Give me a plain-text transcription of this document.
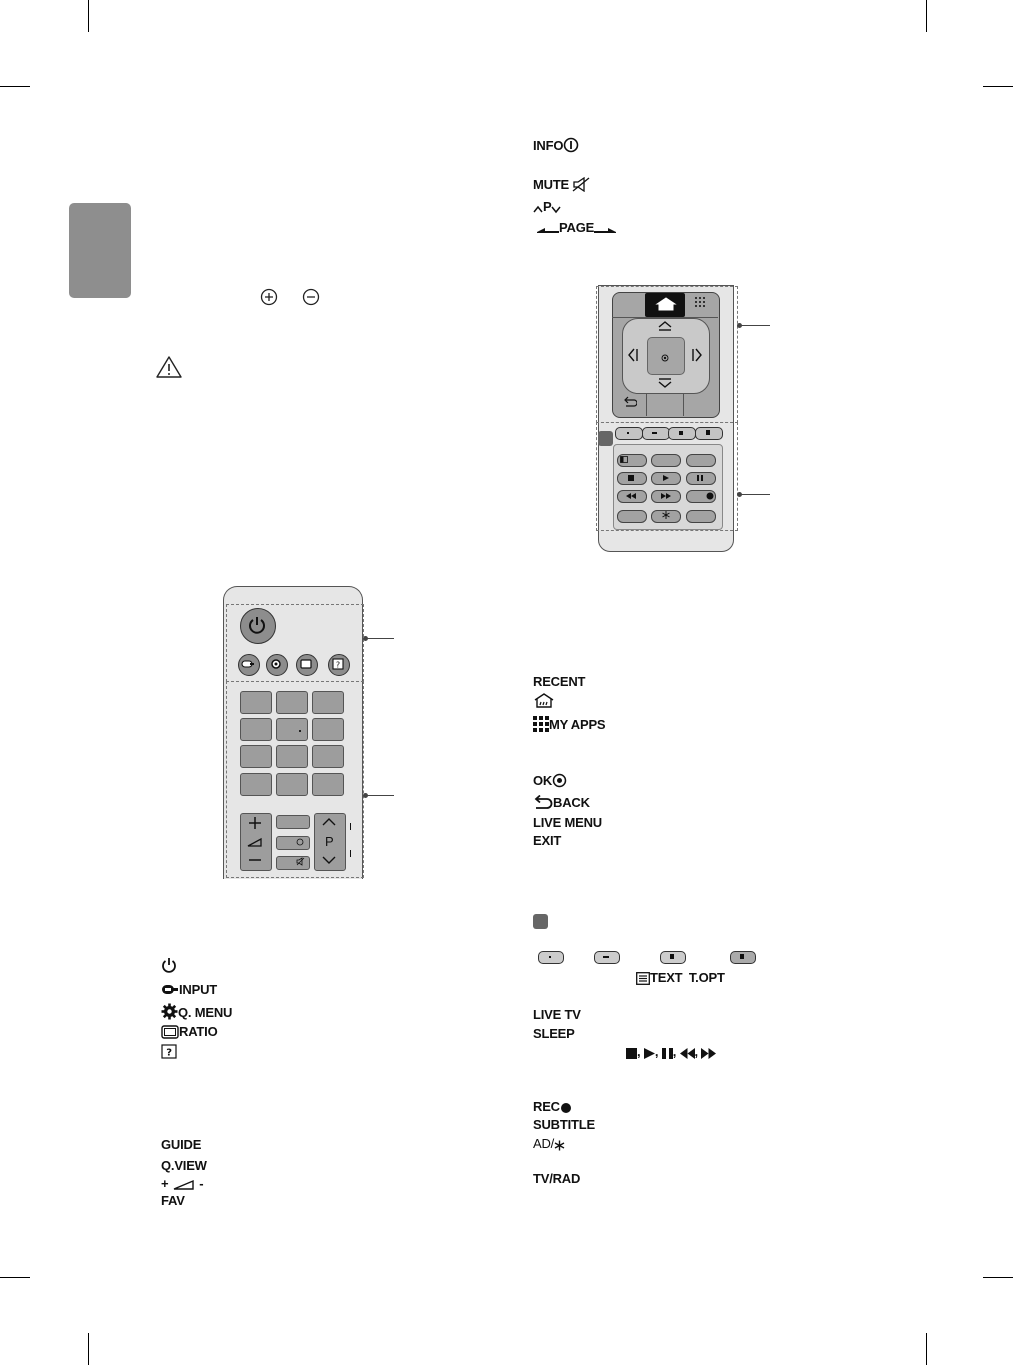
?
P
INPUT
Q. MENU
RATIO
?
GUIDE
Q.VIEW
+ -
FAV
INFO
MUTE
P
PAGE
RECENT
MY APPS
OK
BACK
LIVE MENU
EXIT
TEXT T.OPT
LIVE TV
SLEEP
, , , ,
REC
SUBTITLE
AD/
TV/RAD
